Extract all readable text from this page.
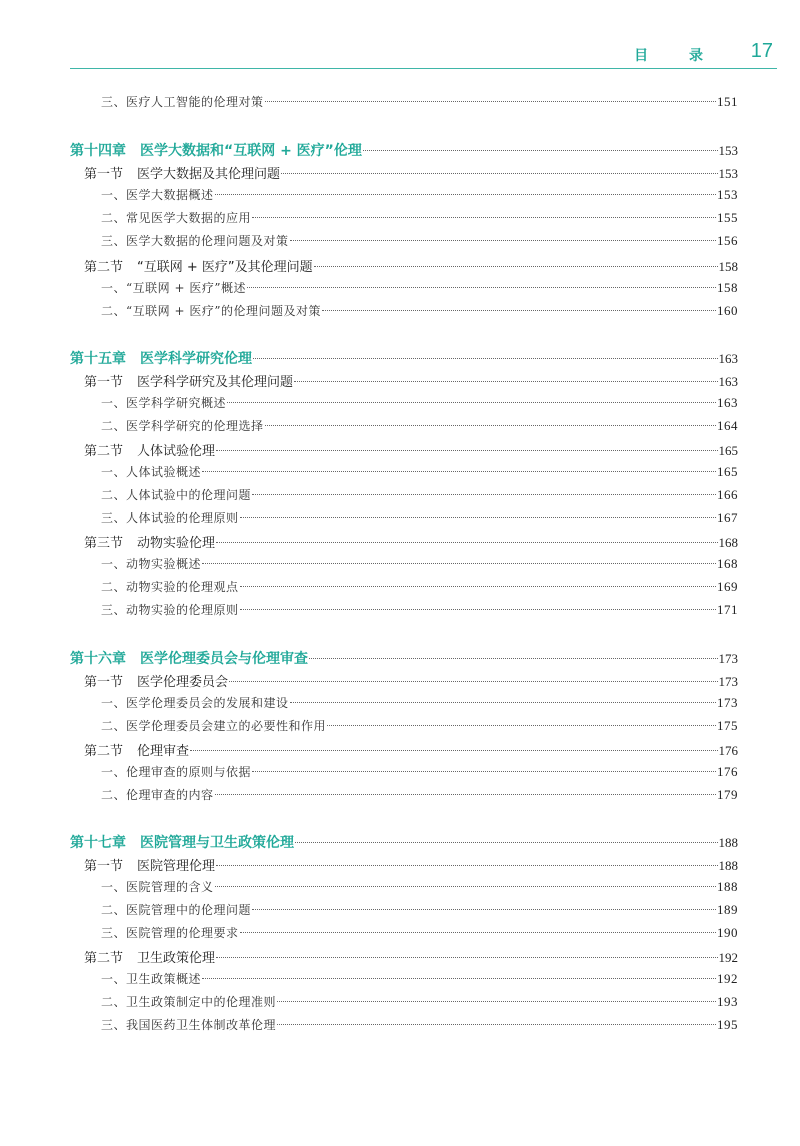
目 录 17
三、医疗人工智能的伦理对策	151
第十四章 医学大数据和“互联网 + 医疗”伦理	153
第一节 医学大数据及其伦理问题	153
一、医学大数据概述	153
二、常见医学大数据的应用	155
三、医学大数据的伦理问题及对策	156
第二节 “互联网 + 医疗”及其伦理问题	158
一、“互联网 + 医疗”概述	158
二、“互联网 + 医疗”的伦理问题及对策	160
第十五章 医学科学研究伦理	163
第一节 医学科学研究及其伦理问题	163
一、医学科学研究概述	163
二、医学科学研究的伦理选择	164
第二节 人体试验伦理	165
一、人体试验概述	165
二、人体试验中的伦理问题	166
三、人体试验的伦理原则	167
第三节 动物实验伦理	168
一、动物实验概述	168
二、动物实验的伦理观点	169
三、动物实验的伦理原则	171
第十六章 医学伦理委员会与伦理审查	173
第一节 医学伦理委员会	173
一、医学伦理委员会的发展和建设	173
二、医学伦理委员会建立的必要性和作用	175
第二节 伦理审查	176
一、伦理审查的原则与依据	176
二、伦理审查的内容	179
第十七章 医院管理与卫生政策伦理	188
第一节 医院管理伦理	188
一、医院管理的含义	188
二、医院管理中的伦理问题	189
三、医院管理的伦理要求	190
第二节 卫生政策伦理	192
一、卫生政策概述	192
二、卫生政策制定中的伦理准则	193
三、我国医药卫生体制改革伦理	195
